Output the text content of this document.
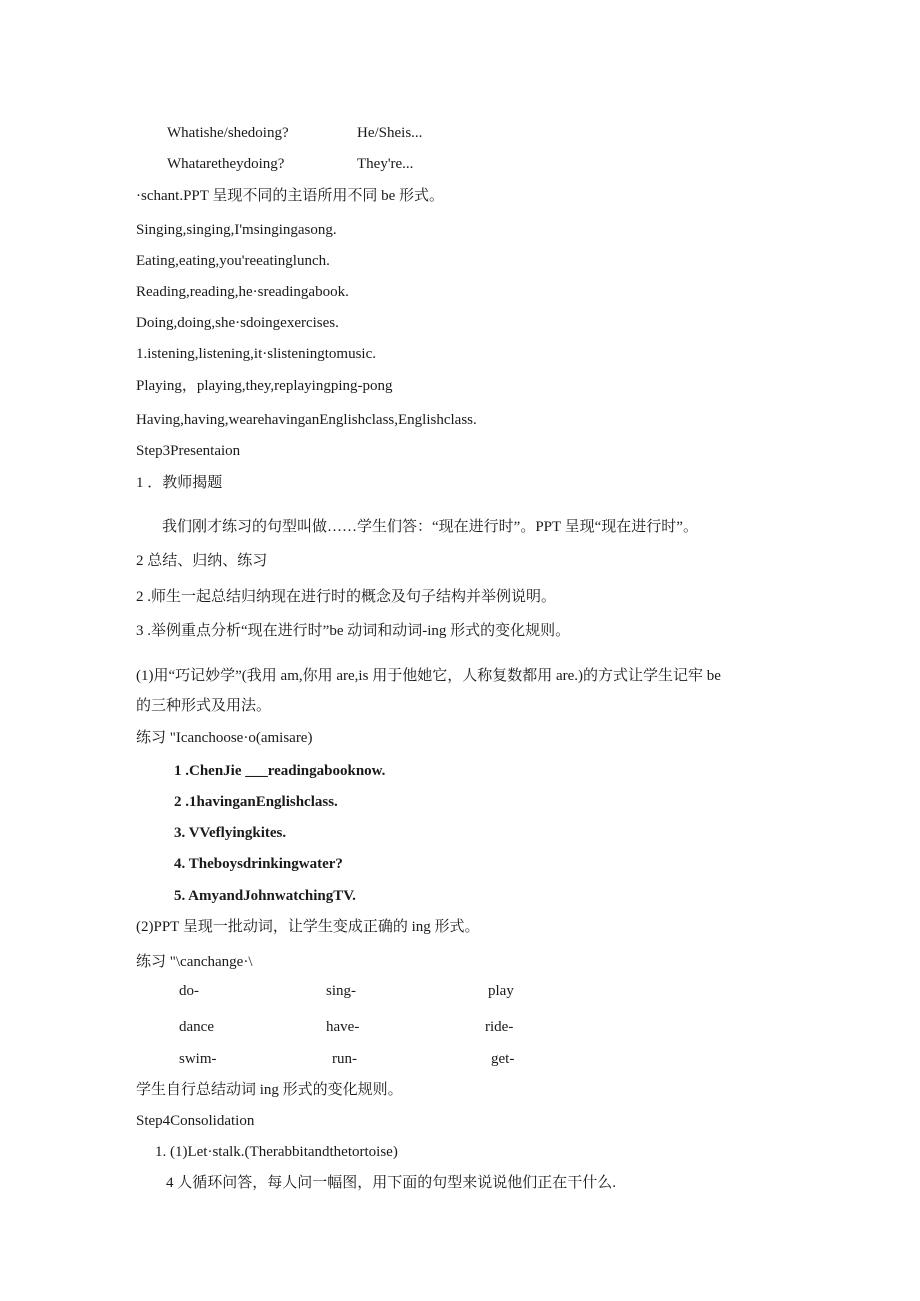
Whatishe/shedoing?	He/Sheis...
Whataretheydoing?	They're...
·schant.PPT 呈现不同的主语所用不同 be 形式。
Singing,singing,I'msingingasong.
Eating,eating,you'reeatinglunch.
Reading,reading,he·sreadingabook.
Doing,doing,she·sdoingexercises.
1.istening,listening,it·slisteningtomusic.
Playing，playing,they,replayingping-pong
Having,having,wearehavinganEnglishclass,Englishclass.
Step3Presentaion
1 ．教师揭题
我们刚才练习的句型叫做……学生们答：“现在进行时”。PPT 呈现“现在进行时”。
2 总结、归纳、练习
2 .师生一起总结归纳现在进行时的概念及句子结构并举例说明。
3 .举例重点分析“现在进行时”be 动词和动词-ing 形式的变化规则。
(1)用“巧记妙学”(我用 am,你用 are,is 用于他她它，人称复数都用 are.)的方式让学生记牢 be
的三种形式及用法。
练习 "Icanchoose·o(amisare)
1 .ChenJie ___readingabooknow.
2 .1havinganEnglishclass.
3. VVeflyingkites.
4. Theboysdrinkingwater?
5. AmyandJohnwatchingTV.
(2)PPT 呈现一批动词，让学生变成正确的 ing 形式。
练习 "\canchange·\
do-	sing-	play
dance	have-	ride-
swim-	run-	get-
学生自行总结动词 ing 形式的变化规则。
Step4Consolidation
1. (1)Let·stalk.(Therabbitandthetortoise)
4 人循环问答，每人问一幅图，用下面的句型来说说他们正在干什么.
